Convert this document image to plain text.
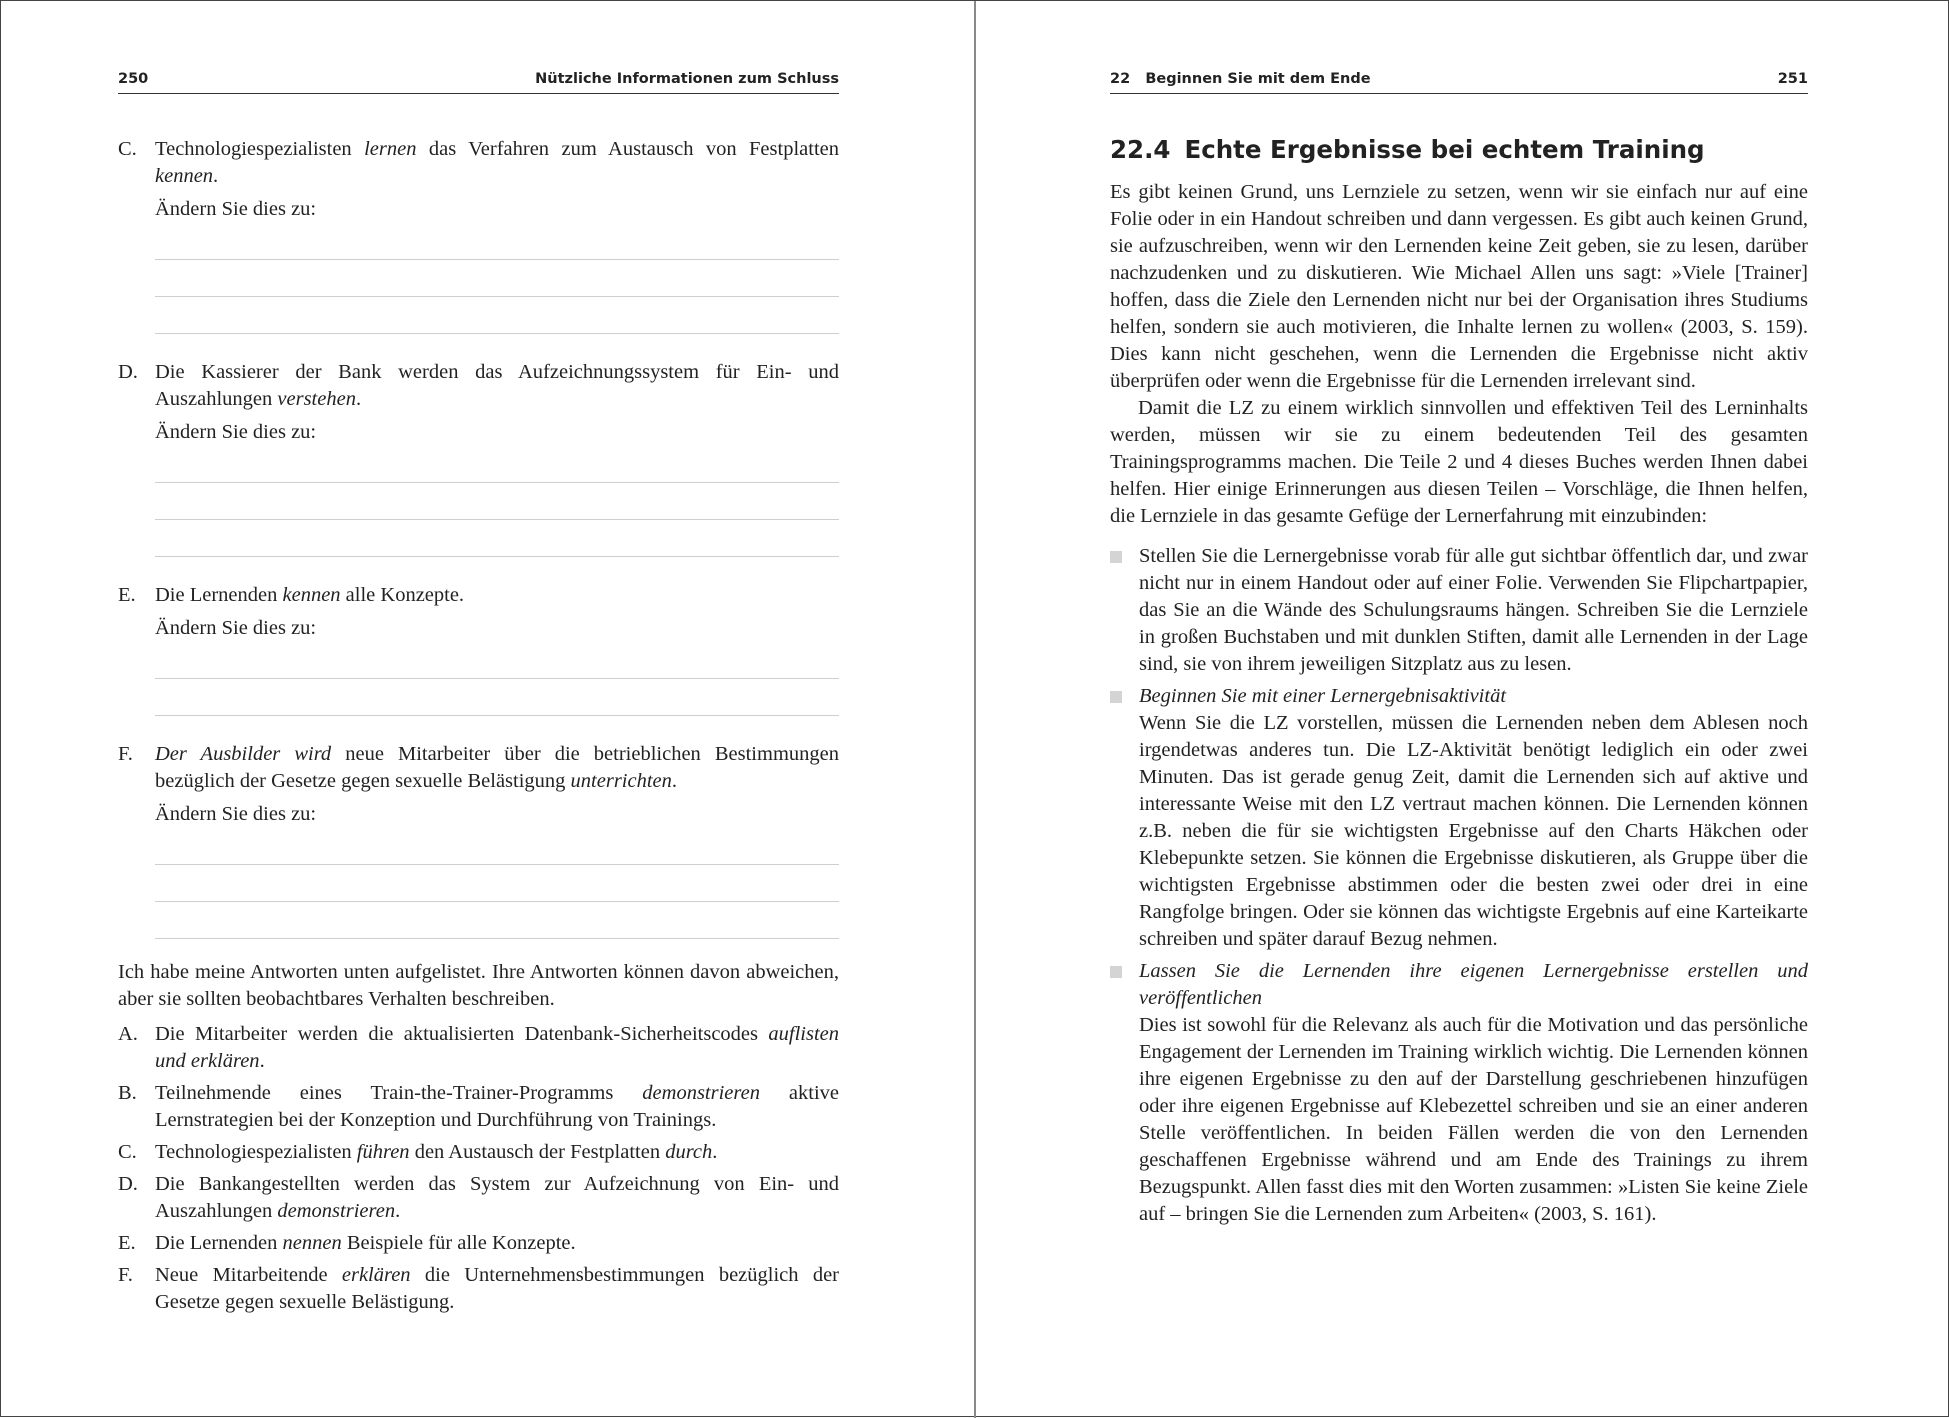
250	Nützliche Informationen zum Schluss
C. Technologiespezialisten lernen das Verfahren zum Austausch von Festplatten kennen.

Ändern Sie dies zu:
D. Die Kassierer der Bank werden das Aufzeichnungssystem für Ein- und Auszahlungen verstehen.

Ändern Sie dies zu:
E. Die Lernenden kennen alle Konzepte.

Ändern Sie dies zu:
F. Der Ausbilder wird neue Mitarbeiter über die betrieblichen Bestimmungen bezüglich der Gesetze gegen sexuelle Belästigung unterrichten.

Ändern Sie dies zu:

Ich habe meine Antworten unten aufgelistet. Ihre Antworten können davon abweichen, aber sie sollten beobachtbares Verhalten beschreiben.

A. Die Mitarbeiter werden die aktualisierten Datenbank-Sicherheitscodes auflisten und erklären.

B. Teilnehmende eines Train-the-Trainer-Programms demonstrieren aktive Lernstrategien bei der Konzeption und Durchführung von Trainings.

C. Technologiespezialisten führen den Austausch der Festplatten durch.

D. Die Bankangestellten werden das System zur Aufzeichnung von Ein- und Auszahlungen demonstrieren.

E. Die Lernenden nennen Beispiele für alle Konzepte.

F. Neue Mitarbeitende erklären die Unternehmensbestimmungen bezüglich der Gesetze gegen sexuelle Belästigung.

22   Beginnen Sie mit dem Ende	251
22.4 Echte Ergebnisse bei echtem Training

Es gibt keinen Grund, uns Lernziele zu setzen, wenn wir sie einfach nur auf eine Folie oder in ein Handout schreiben und dann vergessen. Es gibt auch keinen Grund, sie aufzuschreiben, wenn wir den Lernenden keine Zeit geben, sie zu lesen, darüber nachzudenken und zu diskutieren. Wie Michael Allen uns sagt: »Viele [Trainer] hoffen, dass die Ziele den Lernenden nicht nur bei der Organisation ihres Studiums helfen, sondern sie auch motivieren, die Inhalte lernen zu wollen« (2003, S. 159). Dies kann nicht geschehen, wenn die Lernenden die Ergebnisse nicht aktiv überprüfen oder wenn die Ergebnisse für die Lernenden irrelevant sind.

Damit die LZ zu einem wirklich sinnvollen und effektiven Teil des Lerninhalts werden, müssen wir sie zu einem bedeutenden Teil des gesamten Trainingsprogramms machen. Die Teile 2 und 4 dieses Buches werden Ihnen dabei helfen. Hier einige Erinnerungen aus diesen Teilen – Vorschläge, die Ihnen helfen, die Lernziele in das gesamte Gefüge der Lernerfahrung mit einzubinden:

Stellen Sie die Lernergebnisse vorab für alle gut sichtbar öffentlich dar, und zwar nicht nur in einem Handout oder auf einer Folie. Verwenden Sie Flipchartpapier, das Sie an die Wände des Schulungsraums hängen. Schreiben Sie die Lernziele in großen Buchstaben und mit dunklen Stiften, damit alle Lernenden in der Lage sind, sie von ihrem jeweiligen Sitzplatz aus zu lesen.

Beginnen Sie mit einer Lernergebnisaktivität

Wenn Sie die LZ vorstellen, müssen die Lernenden neben dem Ablesen noch irgendetwas anderes tun. Die LZ-Aktivität benötigt lediglich ein oder zwei Minuten. Das ist gerade genug Zeit, damit die Lernenden sich auf aktive und interessante Weise mit den LZ vertraut machen können. Die Lernenden können z.B. neben die für sie wichtigsten Ergebnisse auf den Charts Häkchen oder Klebepunkte setzen. Sie können die Ergebnisse diskutieren, als Gruppe über die wichtigsten Ergebnisse abstimmen oder die besten zwei oder drei in eine Rangfolge bringen. Oder sie können das wichtigste Ergebnis auf eine Karteikarte schreiben und später darauf Bezug nehmen.

Lassen Sie die Lernenden ihre eigenen Lernergebnisse erstellen und veröffentlichen

Dies ist sowohl für die Relevanz als auch für die Motivation und das persönliche Engagement der Lernenden im Training wirklich wichtig. Die Lernenden können ihre eigenen Ergebnisse zu den auf der Darstellung geschriebenen hinzufügen oder ihre eigenen Ergebnisse auf Klebezettel schreiben und sie an einer anderen Stelle veröffentlichen. In beiden Fällen werden die von den Lernenden geschaffenen Ergebnisse während und am Ende des Trainings zu ihrem Bezugspunkt. Allen fasst dies mit den Worten zusammen: »Listen Sie keine Ziele auf – bringen Sie die Lernenden zum Arbeiten« (2003, S. 161).
